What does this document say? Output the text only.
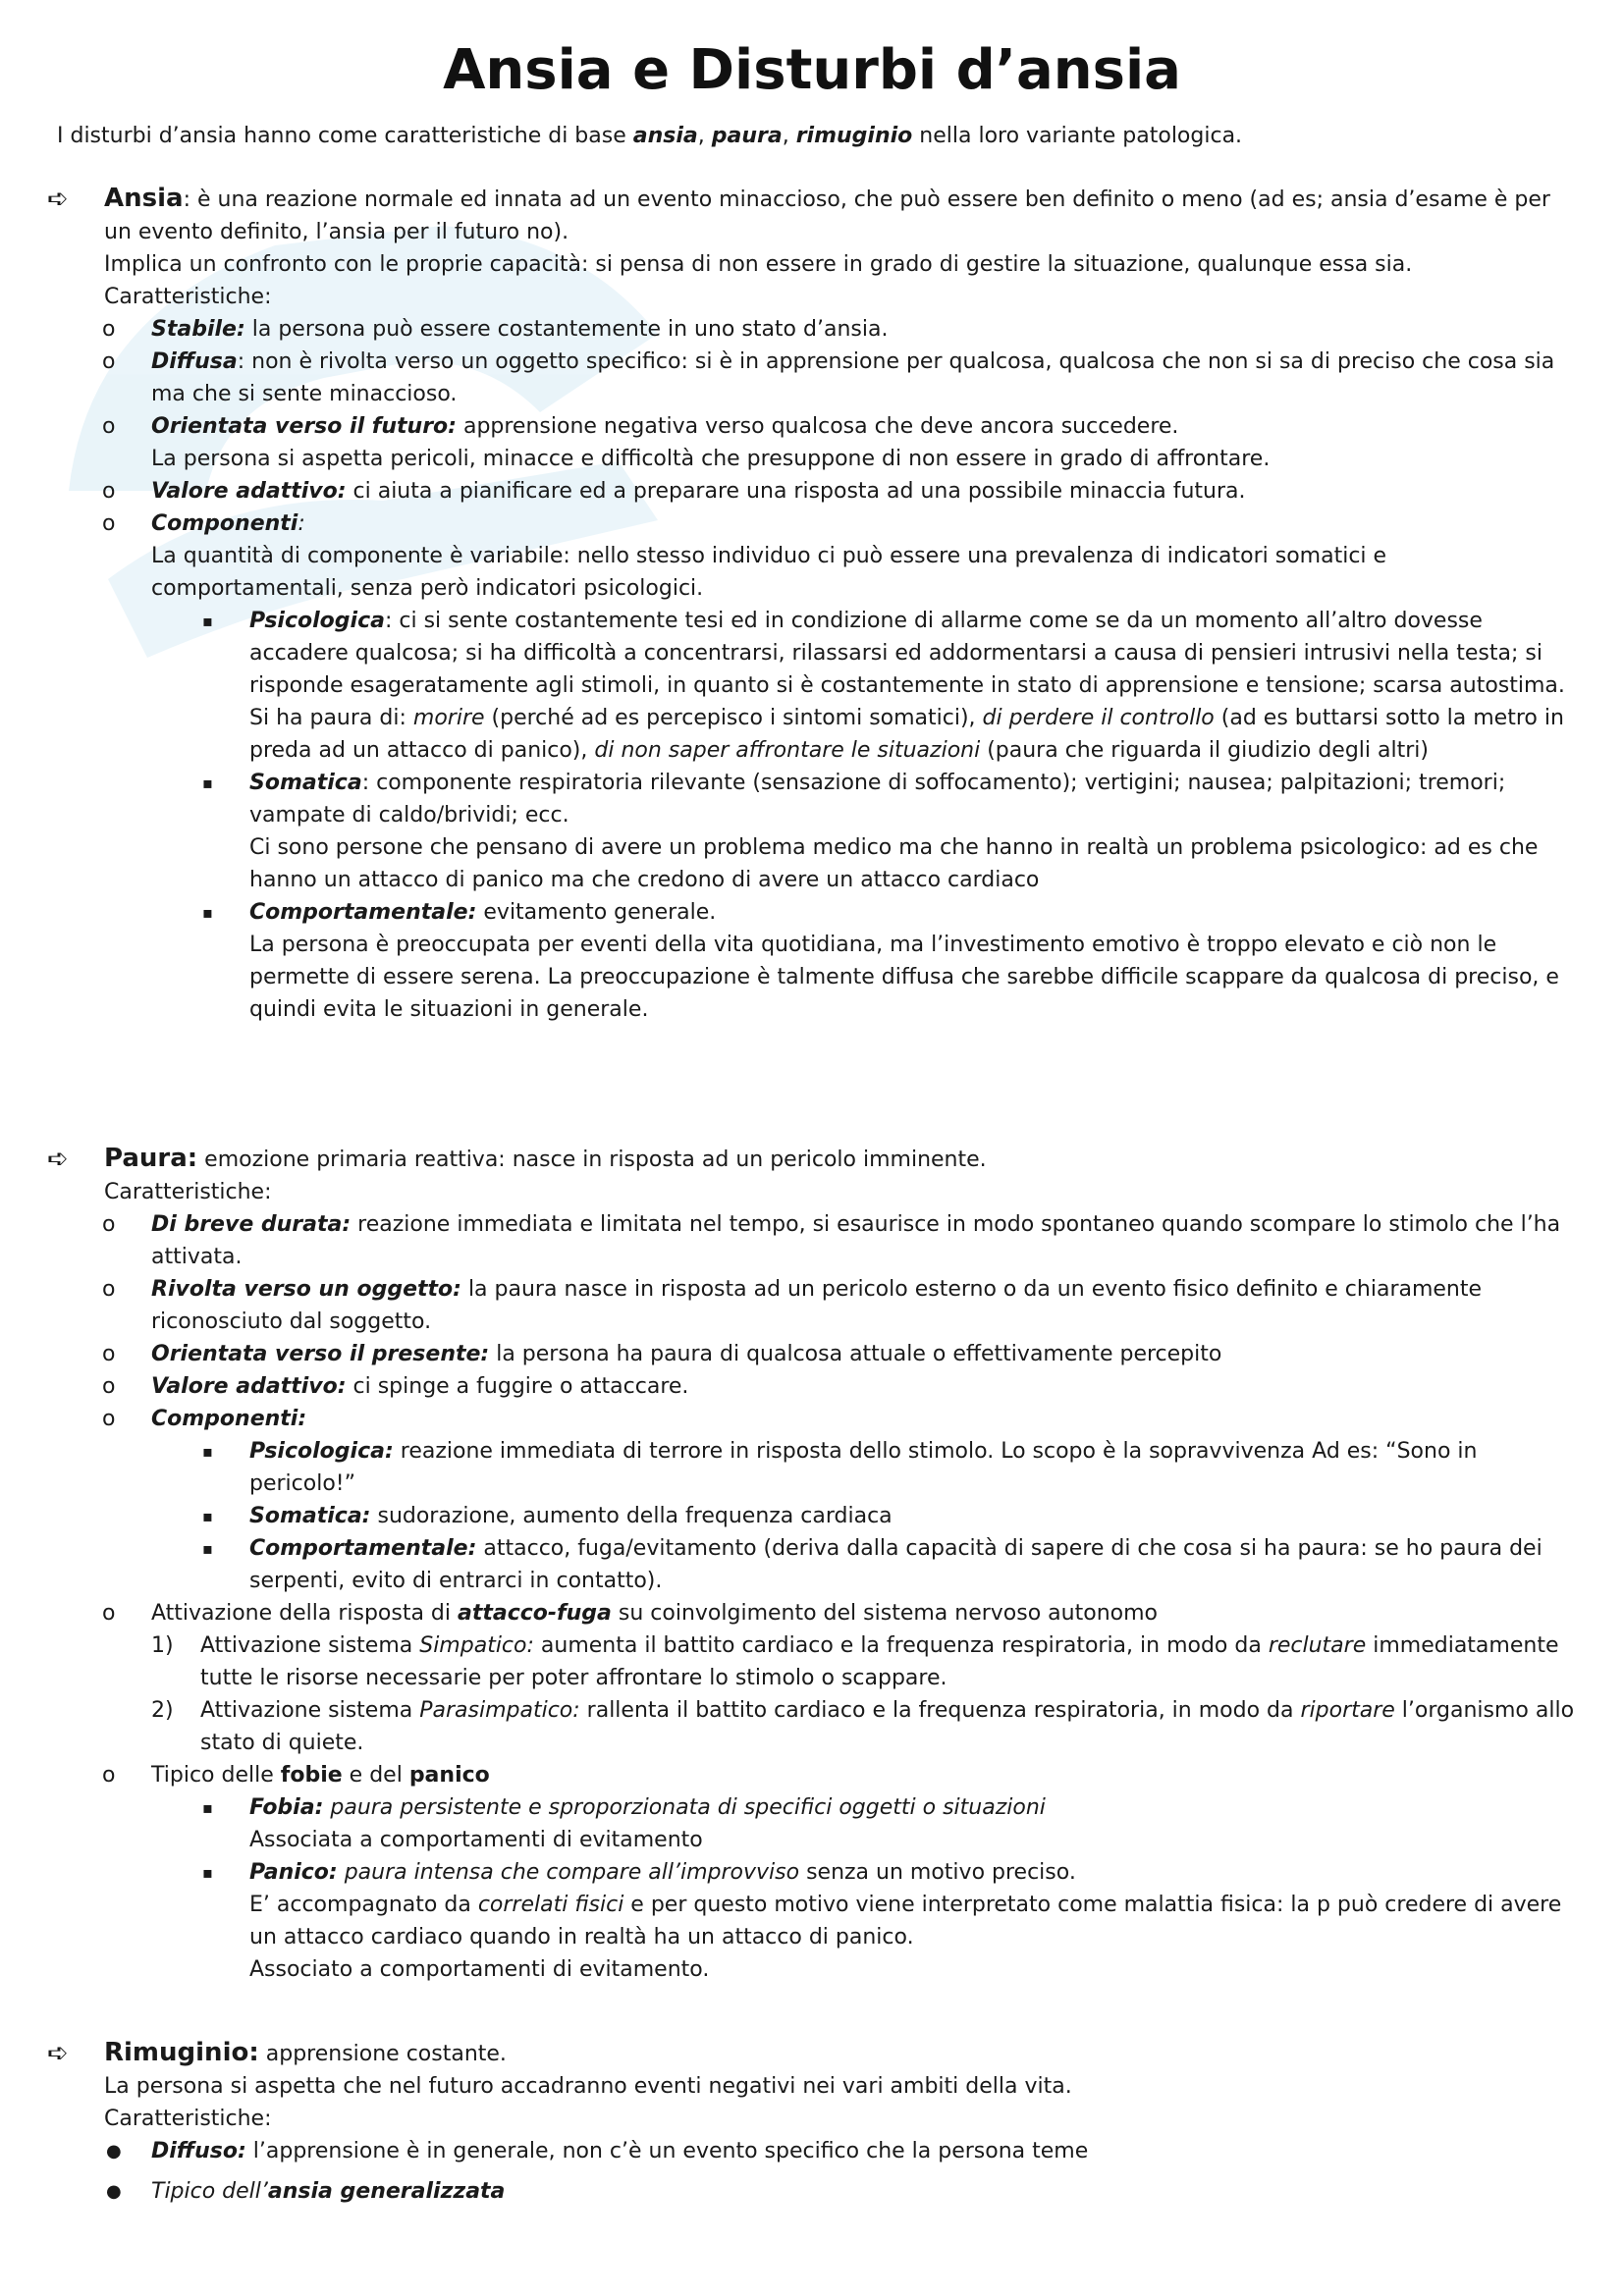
Ansia e Disturbi d’ansia

I disturbi d’ansia hanno come caratteristiche di base ansia, paura, rimuginio nella loro variante patologica.

➪ Ansia: è una reazione normale ed innata ad un evento minaccioso, che può essere ben definito o meno (ad es; ansia d’esame è per un evento definito, l’ansia per il futuro no).

Implica un confronto con le proprie capacità: si pensa di non essere in grado di gestire la situazione, qualunque essa sia.

Caratteristiche:

o Stabile: la persona può essere costantemente in uno stato d’ansia.
o Diffusa: non è rivolta verso un oggetto specifico: si è in apprensione per qualcosa, qualcosa che non si sa di preciso che cosa sia ma che si sente minaccioso.
o Orientata verso il futuro: apprensione negativa verso qualcosa che deve ancora succedere.
La persona si aspetta pericoli, minacce e difficoltà che presuppone di non essere in grado di affrontare.
o Valore adattivo: ci aiuta a pianificare ed a preparare una risposta ad una possibile minaccia futura.
o Componenti:
La quantità di componente è variabile: nello stesso individuo ci può essere una prevalenza di indicatori somatici e comportamentali, senza però indicatori psicologici.
▪ Psicologica: ci si sente costantemente tesi ed in condizione di allarme come se da un momento all’altro dovesse accadere qualcosa; si ha difficoltà a concentrarsi, rilassarsi ed addormentarsi a causa di pensieri intrusivi nella testa; si risponde esageratamente agli stimoli, in quanto si è costantemente in stato di apprensione e tensione; scarsa autostima.
Si ha paura di: morire (perché ad es percepisco i sintomi somatici), di perdere il controllo (ad es buttarsi sotto la metro in preda ad un attacco di panico), di non saper affrontare le situazioni (paura che riguarda il giudizio degli altri)
▪ Somatica: componente respiratoria rilevante (sensazione di soffocamento); vertigini; nausea; palpitazioni; tremori; vampate di caldo/brividi; ecc.
Ci sono persone che pensano di avere un problema medico ma che hanno in realtà un problema psicologico: ad es che hanno un attacco di panico ma che credono di avere un attacco cardiaco
▪ Comportamentale: evitamento generale.
La persona è preoccupata per eventi della vita quotidiana, ma l’investimento emotivo è troppo elevato e ciò non le permette di essere serena. La preoccupazione è talmente diffusa che sarebbe difficile scappare da qualcosa di preciso, e quindi evita le situazioni in generale.
➪ Paura: emozione primaria reattiva: nasce in risposta ad un pericolo imminente.

Caratteristiche:

o Di breve durata: reazione immediata e limitata nel tempo, si esaurisce in modo spontaneo quando scompare lo stimolo che l’ha attivata.
o Rivolta verso un oggetto: la paura nasce in risposta ad un pericolo esterno o da un evento fisico definito e chiaramente riconosciuto dal soggetto.
o Orientata verso il presente: la persona ha paura di qualcosa attuale o effettivamente percepito
o Valore adattivo: ci spinge a fuggire o attaccare.
o Componenti:
▪ Psicologica: reazione immediata di terrore in risposta dello stimolo. Lo scopo è la sopravvivenza Ad es: “Sono in pericolo!”
▪ Somatica: sudorazione, aumento della frequenza cardiaca
▪ Comportamentale: attacco, fuga/evitamento (deriva dalla capacità di sapere di che cosa si ha paura: se ho paura dei serpenti, evito di entrarci in contatto).
o Attivazione della risposta di attacco-fuga su coinvolgimento del sistema nervoso autonomo
1) Attivazione sistema Simpatico: aumenta il battito cardiaco e la frequenza respiratoria, in modo da reclutare immediatamente tutte le risorse necessarie per poter affrontare lo stimolo o scappare.
2) Attivazione sistema Parasimpatico: rallenta il battito cardiaco e la frequenza respiratoria, in modo da riportare l’organismo allo stato di quiete.
o Tipico delle fobie e del panico
▪ Fobia: paura persistente e sproporzionata di specifici oggetti o situazioni
Associata a comportamenti di evitamento
▪ Panico: paura intensa che compare all’improvviso senza un motivo preciso.
E’ accompagnato da correlati fisici e per questo motivo viene interpretato come malattia fisica: la p può credere di avere un attacco cardiaco quando in realtà ha un attacco di panico.
Associato a comportamenti di evitamento.
➪ Rimuginio: apprensione costante.

La persona si aspetta che nel futuro accadranno eventi negativi nei vari ambiti della vita.

Caratteristiche:

● Diffuso: l’apprensione è in generale, non c’è un evento specifico che la persona teme
● Tipico dell’ansia generalizzata
